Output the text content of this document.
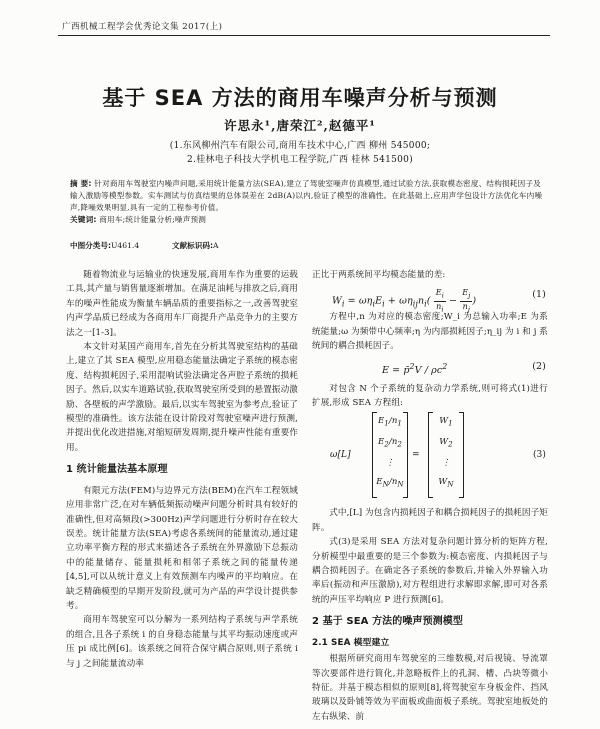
广西机械工程学会优秀论文集 2017(上)
基于 SEA 方法的商用车噪声分析与预测
许思永¹,唐荣江²,赵德平¹
(1.东风柳州汽车有限公司,商用车技术中心,广西 柳州 545000;
2.桂林电子科技大学机电工程学院,广西 桂林 541500)
摘 要: 针对商用车驾驶室内噪声问题,采用统计能量方法(SEA),建立了驾驶室噪声仿真模型,通过试验方法,获取模态密度、结构损耗因子及输入激励等模型参数。实车测试与仿真结果的总体误差在 2dB(A)以内,验证了模型的准确性。在此基础上,应用声学包设计方法优化车内噪声,降噪效果明显,具有一定的工程参考价值。
关键词: 商用车;统计能量分析;噪声预测
中图分类号:U461.4	文献标识码:A

随着物流业与运输业的快速发展,商用车作为重要的运载工具,其产量与销售量逐渐增加。在满足油耗与排放之后,商用车的噪声性能成为衡量车辆品质的重要指标之一,改善驾驶室内声学品质已经成为各商用车厂商提升产品竞争力的主要方法之一[1-3]。

本文针对某国产商用车,首先在分析其驾驶室结构的基础上,建立了其 SEA 模型,应用稳态能量法确定子系统的模态密度、结构损耗因子,采用混响试验法确定各声腔子系统的损耗因子。然后,以实车道路试验,获取驾驶室所受到的悬置振动激励、各壁板的声学激励。最后,以实车驾驶室为参考点,验证了模型的准确性。该方法能在设计阶段对驾驶室噪声进行预测,并提出优化改进措施,对缩短研发周期,提升噪声性能有重要作用。

1 统计能量法基本原理

有限元方法(FEM)与边界元方法(BEM)在汽车工程领域应用非常广泛,在对车辆低频振动噪声问题分析时具有较好的准确性,但对高频段(>300Hz)声学问题进行分析时存在较大误差。统计能量方法(SEA)考虑各系统间的能量流动,通过建立功率平衡方程的形式来描述各子系统在外界激励下总振动中的能量储存、能量损耗和相邻子系统之间的能量传递[4,5],可以从统计意义上有效预测车内噪声的平均响应。在缺乏精确模型的早期开发阶段,就可为产品的声学设计提供参考。

商用车驾驶室可以分解为一系列结构子系统与声学系统的组合,且各子系统 i 的自身稳态能量与其平均振动速度或声压 pi 成比例[6]。该系统之间符合保守耦合原则,则子系统 i 与 j 之间能量流动率

正比于两系统间平均模态能量的差:

$W_i = \omega\eta_iE_i + \omega\eta_{ij}n_i( \frac{E_i}{n_i} - \frac{E_j}{n_j}$ )
(1)

方程中,n 为对应的模态密度;W_i 为总输入功率;E 为系统能量;ω 为频带中心频率;η 为内部损耗因子;η_ij 为 i 和 j 系统间的耦合损耗因子。

E = p̄$^2$V / $\rho c^2$	(2)

对包含 N 个子系统的复杂动力学系统,则可将式(1)进行扩展,形成 SEA 方程组:

ω[L]
$E_1/n_1$
$E_2/n_2$
⋮
$E_N/n_N$
=
$W_1$
$W_2$
⋮
$W_N$
(3)

式中,[L] 为包含内损耗因子和耦合损耗因子的损耗因子矩阵。

式(3)是采用 SEA 方法对复杂问题计算分析的矩阵方程,分析模型中最重要的是三个参数为:模态密度、内损耗因子与耦合损耗因子。在确定各子系统的参数后,并输入外界输入功率后(振动和声压激励),对方程组进行求解即求解,即可对各系统的声压平均响应 P 进行预测[6]。

2 基于 SEA 方法的噪声预测模型
2.1 SEA 模型建立

根据所研究商用车驾驶室的三维数模,对后视镜、导流罩等次要部件进行简化,并忽略板件上的孔洞、槽、凸块等微小特征。并基于模态相似的原则[8],将驾驶室车身板金件、挡风玻璃以及卧铺等效为平面板或曲面板子系统。驾驶室地板处的左右纵梁、前
